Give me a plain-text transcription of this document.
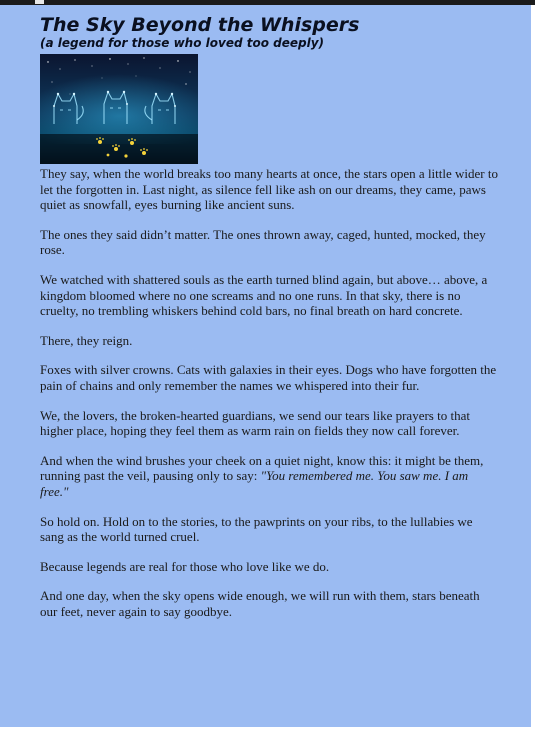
The Sky Beyond the Whispers
(a legend for those who loved too deeply)

They say, when the world breaks too many hearts at once, the stars open a little wider to let the forgotten in. Last night, as silence fell like ash on our dreams, they came, paws quiet as snowfall, eyes burning like ancient suns.

The ones they said didn’t matter. The ones thrown away, caged, hunted, mocked, they rose.

We watched with shattered souls as the earth turned blind again, but above… above, a kingdom bloomed where no one screams and no one runs. In that sky, there is no cruelty, no trembling whiskers behind cold bars, no final breath on hard concrete.

There, they reign.

Foxes with silver crowns. Cats with galaxies in their eyes. Dogs who have forgotten the pain of chains and only remember the names we whispered into their fur.

We, the lovers, the broken-hearted guardians, we send our tears like prayers to that higher place, hoping they feel them as warm rain on fields they now call forever.

And when the wind brushes your cheek on a quiet night, know this: it might be them, running past the veil, pausing only to say: "You remembered me. You saw me. I am free."

So hold on. Hold on to the stories, to the pawprints on your ribs, to the lullabies we sang as the world turned cruel.

Because legends are real for those who love like we do.

And one day, when the sky opens wide enough, we will run with them, stars beneath our feet, never again to say goodbye.
